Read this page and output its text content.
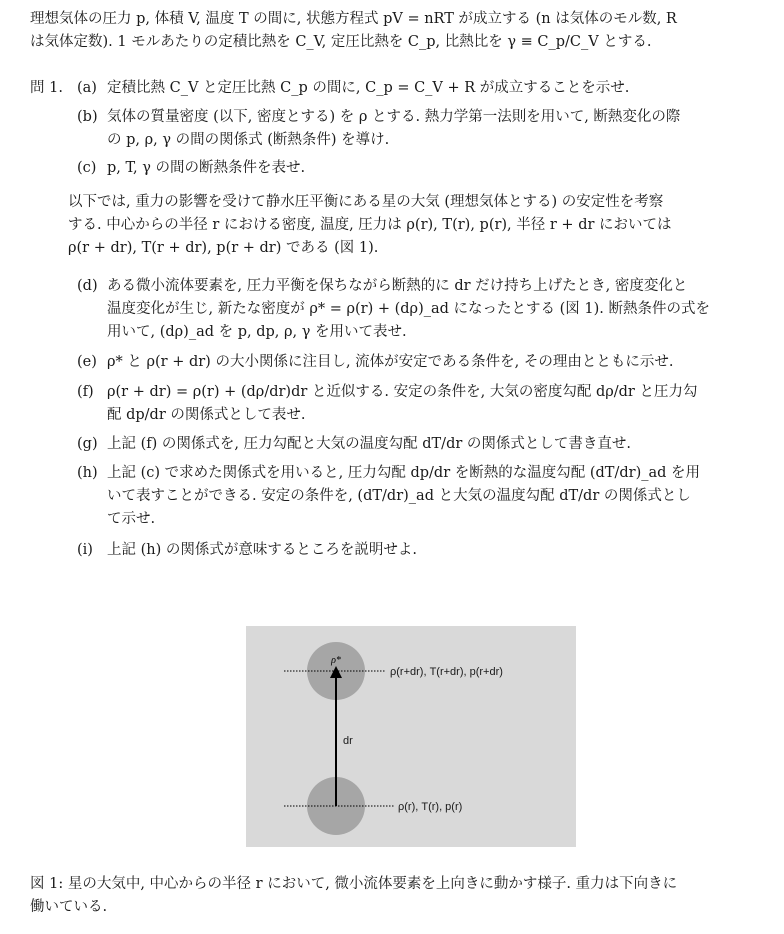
理想気体の圧力 p, 体積 V, 温度 T の間に, 状態方程式 pV = nRT が成立する (n は気体のモル数, R
は気体定数). 1 モルあたりの定積比熱を C_V, 定圧比熱を C_p, 比熱比を γ ≡ C_p/C_V とする.
問 1. (a) 定積比熱 C_V と定圧比熱 C_p の間に, C_p = C_V + R が成立することを示せ.
(b) 気体の質量密度 (以下, 密度とする) を ρ とする. 熱力学第一法則を用いて, 断熱変化の際
の p, ρ, γ の間の関係式 (断熱条件) を導け.
(c) p, T, γ の間の断熱条件を表せ.
以下では, 重力の影響を受けて静水圧平衡にある星の大気 (理想気体とする) の安定性を考察
する. 中心からの半径 r における密度, 温度, 圧力は ρ(r), T(r), p(r), 半径 r + dr においては
ρ(r + dr), T(r + dr), p(r + dr) である (図 1).
(d) ある微小流体要素を, 圧力平衡を保ちながら断熱的に dr だけ持ち上げたとき, 密度変化と
温度変化が生じ, 新たな密度が ρ* = ρ(r) + (dρ)_ad になったとする (図 1). 断熱条件の式を
用いて, (dρ)_ad を p, dp, ρ, γ を用いて表せ.
(e) ρ* と ρ(r + dr) の大小関係に注目し, 流体が安定である条件を, その理由とともに示せ.
(f) ρ(r + dr) = ρ(r) + (dρ/dr)dr と近似する. 安定の条件を, 大気の密度勾配 dρ/dr と圧力勾
配 dp/dr の関係式として表せ.
(g) 上記 (f) の関係式を, 圧力勾配と大気の温度勾配 dT/dr の関係式として書き直せ.
(h) 上記 (c) で求めた関係式を用いると, 圧力勾配 dp/dr を断熱的な温度勾配 (dT/dr)_ad を用
いて表すことができる. 安定の条件を, (dT/dr)_ad と大気の温度勾配 dT/dr の関係式とし
て示せ.
(i) 上記 (h) の関係式が意味するところを説明せよ.
ρ*
ρ(r+dr), T(r+dr), p(r+dr)
dr
ρ(r), T(r), p(r)
図 1: 星の大気中, 中心からの半径 r において, 微小流体要素を上向きに動かす様子. 重力は下向きに
働いている.
